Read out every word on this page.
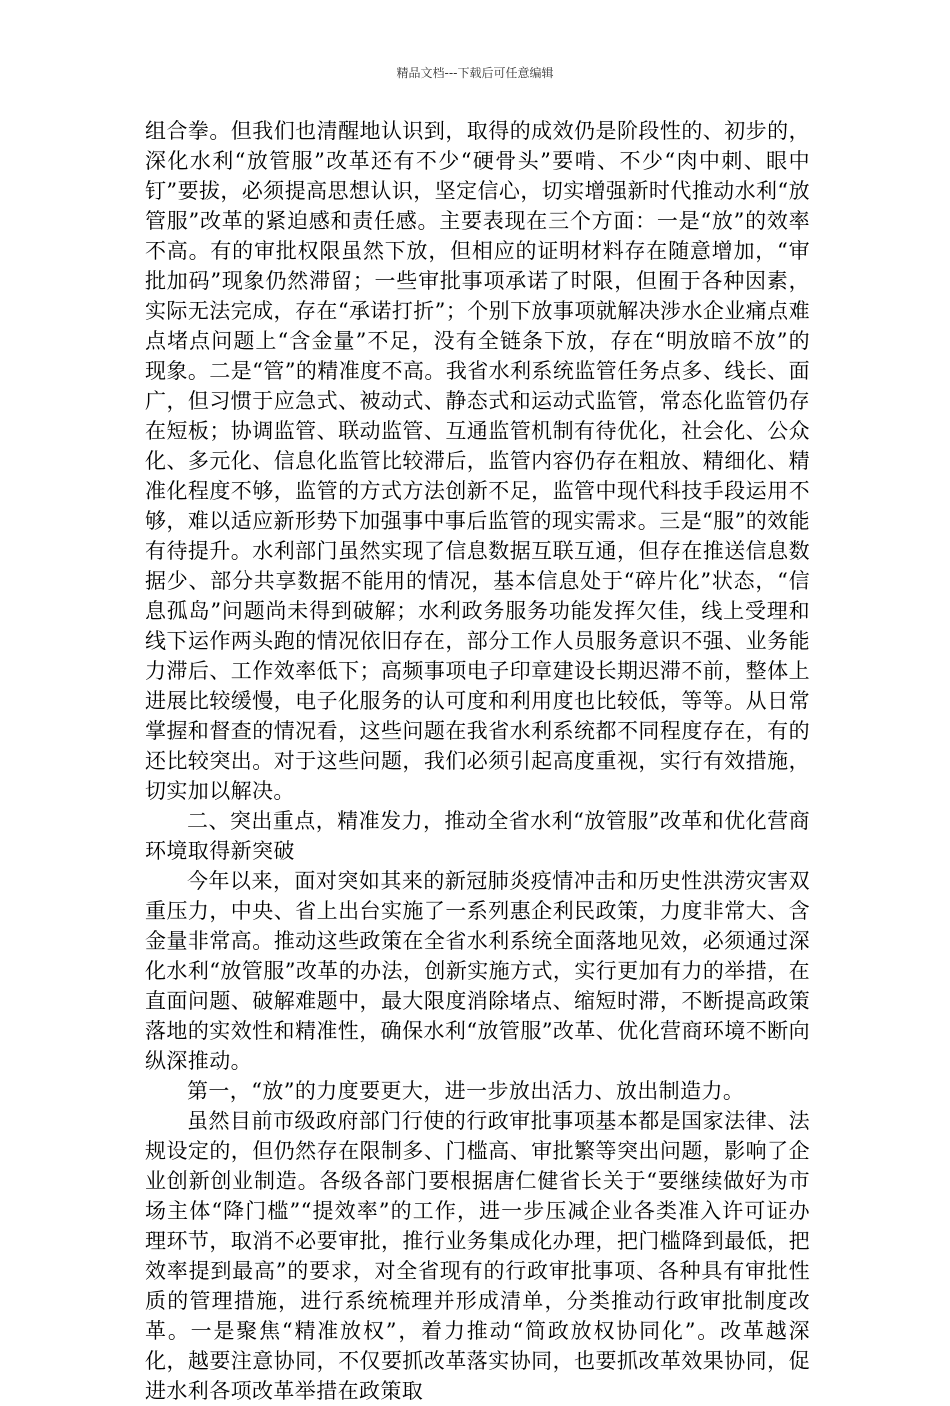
精品文档---下载后可任意编辑

组合拳。但我们也清醒地认识到，取得的成效仍是阶段性的、初步的，深化水利“放管服”改革还有不少“硬骨头”要啃、不少“肉中刺、眼中钉”要拔，必须提高思想认识，坚定信心，切实增强新时代推动水利“放管服”改革的紧迫感和责任感。主要表现在三个方面：一是“放”的效率不高。有的审批权限虽然下放，但相应的证明材料存在随意增加，“审批加码”现象仍然滞留；一些审批事项承诺了时限，但囿于各种因素，实际无法完成，存在“承诺打折”；个别下放事项就解决涉水企业痛点难点堵点问题上“含金量”不足，没有全链条下放，存在“明放暗不放”的现象。二是“管”的精准度不高。我省水利系统监管任务点多、线长、面广，但习惯于应急式、被动式、静态式和运动式监管，常态化监管仍存在短板；协调监管、联动监管、互通监管机制有待优化，社会化、公众化、多元化、信息化监管比较滞后，监管内容仍存在粗放、精细化、精准化程度不够，监管的方式方法创新不足，监管中现代科技手段运用不够，难以适应新形势下加强事中事后监管的现实需求。三是“服”的效能有待提升。水利部门虽然实现了信息数据互联互通，但存在推送信息数据少、部分共享数据不能用的情况，基本信息处于“碎片化”状态，“信息孤岛”问题尚未得到破解；水利政务服务功能发挥欠佳，线上受理和线下运作两头跑的情况依旧存在，部分工作人员服务意识不强、业务能力滞后、工作效率低下；高频事项电子印章建设长期迟滞不前，整体上进展比较缓慢，电子化服务的认可度和利用度也比较低，等等。从日常掌握和督查的情况看，这些问题在我省水利系统都不同程度存在，有的还比较突出。对于这些问题，我们必须引起高度重视，实行有效措施，切实加以解决。

二、突出重点，精准发力，推动全省水利“放管服”改革和优化营商环境取得新突破

今年以来，面对突如其来的新冠肺炎疫情冲击和历史性洪涝灾害双重压力，中央、省上出台实施了一系列惠企利民政策，力度非常大、含金量非常高。推动这些政策在全省水利系统全面落地见效，必须通过深化水利“放管服”改革的办法，创新实施方式，实行更加有力的举措，在直面问题、破解难题中，最大限度消除堵点、缩短时滞，不断提高政策落地的实效性和精准性，确保水利“放管服”改革、优化营商环境不断向纵深推动。

第一，“放”的力度要更大，进一步放出活力、放出制造力。

虽然目前市级政府部门行使的行政审批事项基本都是国家法律、法规设定的，但仍然存在限制多、门槛高、审批繁等突出问题，影响了企业创新创业制造。各级各部门要根据唐仁健省长关于“要继续做好为市场主体“降门槛”“提效率”的工作，进一步压减企业各类准入许可证办理环节，取消不必要审批，推行业务集成化办理，把门槛降到最低，把效率提到最高”的要求，对全省现有的行政审批事项、各种具有审批性质的管理措施，进行系统梳理并形成清单，分类推动行政审批制度改革。一是聚焦“精准放权”，着力推动“简政放权协同化”。改革越深化，越要注意协同，不仅要抓改革落实协同，也要抓改革效果协同，促进水利各项改革举措在政策取
